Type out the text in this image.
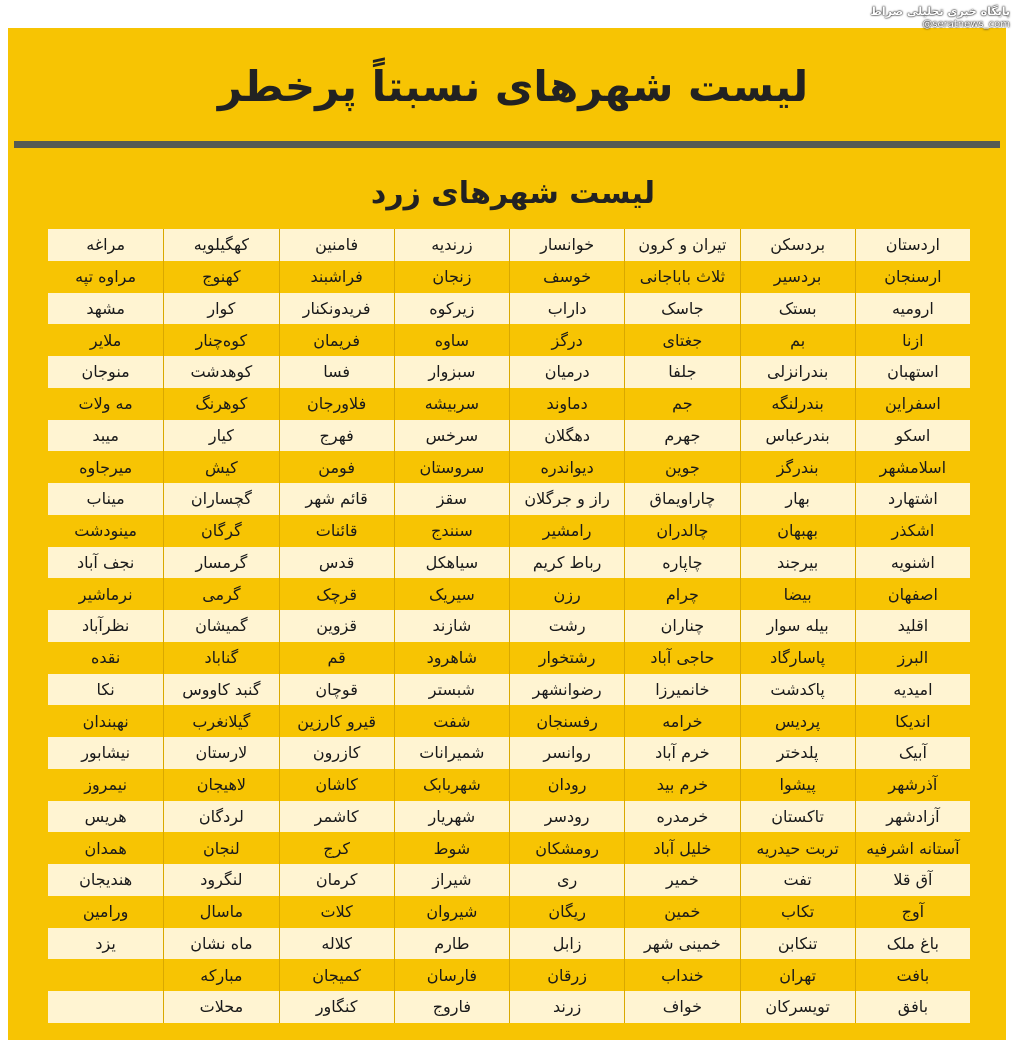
پایگاه خبری تحلیلی صراط
@seratnews_com
لیست شهرهای نسبتاً پرخطر
لیست شهرهای زرد
اردستان
بردسکن
تیران و کرون
خوانسار
زرندیه
فامنین
کهگیلویه
مراغه
ارسنجان
بردسیر
ثلاث باباجانی
خوسف
زنجان
فراشبند
کهنوج
مراوه تپه
ارومیه
بستک
جاسک
داراب
زیرکوه
فریدونکنار
کوار
مشهد
ازنا
بم
جغتای
درگز
ساوه
فریمان
کوه‌چنار
ملایر
استهبان
بندرانزلی
جلفا
درمیان
سبزوار
فسا
کوهدشت
منوجان
اسفراین
بندرلنگه
جم
دماوند
سربیشه
فلاورجان
کوهرنگ
مه ولات
اسکو
بندرعباس
جهرم
دهگلان
سرخس
فهرج
کیار
میبد
اسلامشهر
بندرگز
جوین
دیواندره
سروستان
فومن
کیش
میرجاوه
اشتهارد
بهار
چاراویماق
راز و جرگلان
سقز
قائم شهر
گچساران
میناب
اشکذر
بهبهان
چالدران
رامشیر
سنندج
قائنات
گرگان
مینودشت
اشنویه
بیرجند
چاپاره
رباط کریم
سیاهکل
قدس
گرمسار
نجف آباد
اصفهان
بیضا
چرام
رزن
سیریک
قرچک
گرمی
نرماشیر
اقلید
بیله سوار
چناران
رشت
شازند
قزوین
گمیشان
نظرآباد
البرز
پاسارگاد
حاجی آباد
رشتخوار
شاهرود
قم
گناباد
نقده
امیدیه
پاکدشت
خانمیرزا
رضوانشهر
شبستر
قوچان
گنبد کاووس
نکا
اندیکا
پردیس
خرامه
رفسنجان
شفت
قیرو کارزین
گیلانغرب
نهبندان
آبیک
پلدختر
خرم آباد
روانسر
شمیرانات
کازرون
لارستان
نیشابور
آذرشهر
پیشوا
خرم بید
رودان
شهربابک
کاشان
لاهیجان
نیمروز
آزادشهر
تاکستان
خرمدره
رودسر
شهریار
کاشمر
لردگان
هریس
آستانه اشرفیه
تربت حیدریه
خلیل آباد
رومشکان
شوط
کرج
لنجان
همدان
آق قلا
تفت
خمیر
ری
شیراز
کرمان
لنگرود
هندیجان
آوج
تکاب
خمین
ریگان
شیروان
کلات
ماسال
ورامین
باغ ملک
تنکابن
خمینی شهر
زابل
طارم
کلاله
ماه نشان
یزد
بافت
تهران
خنداب
زرقان
فارسان
کمیجان
مبارکه
بافق
تویسرکان
خواف
زرند
فاروج
کنگاور
محلات
